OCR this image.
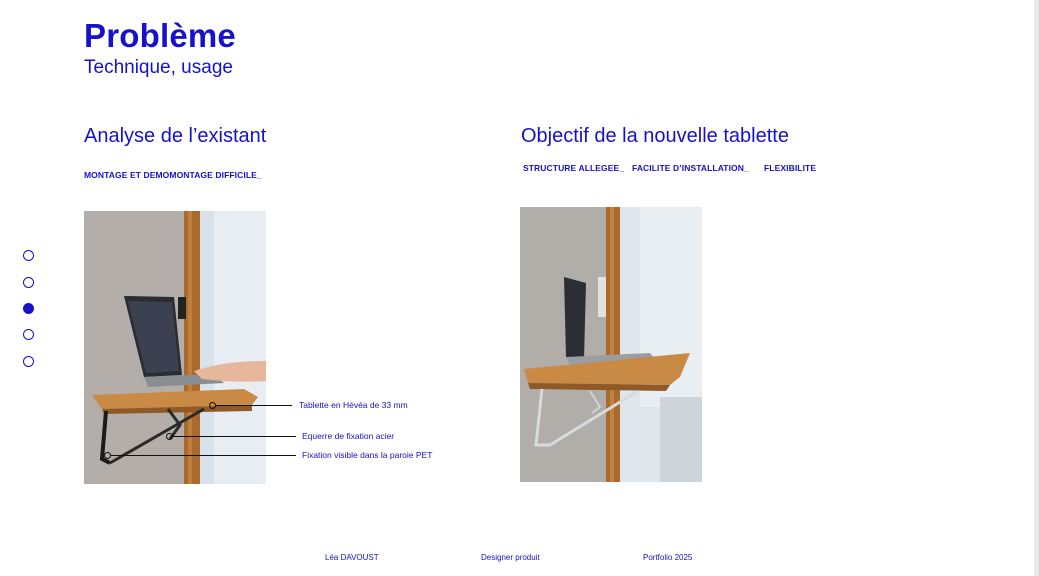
Problème
Technique, usage
Analyse de l’existant
MONTAGE ET DEMOMONTAGE DIFFICILE_
Tablette en Hévéa de 33 mm
Equerre de fixation acier
Fixation visible dans la paroie PET
Objectif de la nouvelle tablette
STRUCTURE ALLEGEE_ FACILITE D’INSTALLATION_ FLEXIBILITE
Léa DAVOUST	Designer produit	Portfolio 2025
